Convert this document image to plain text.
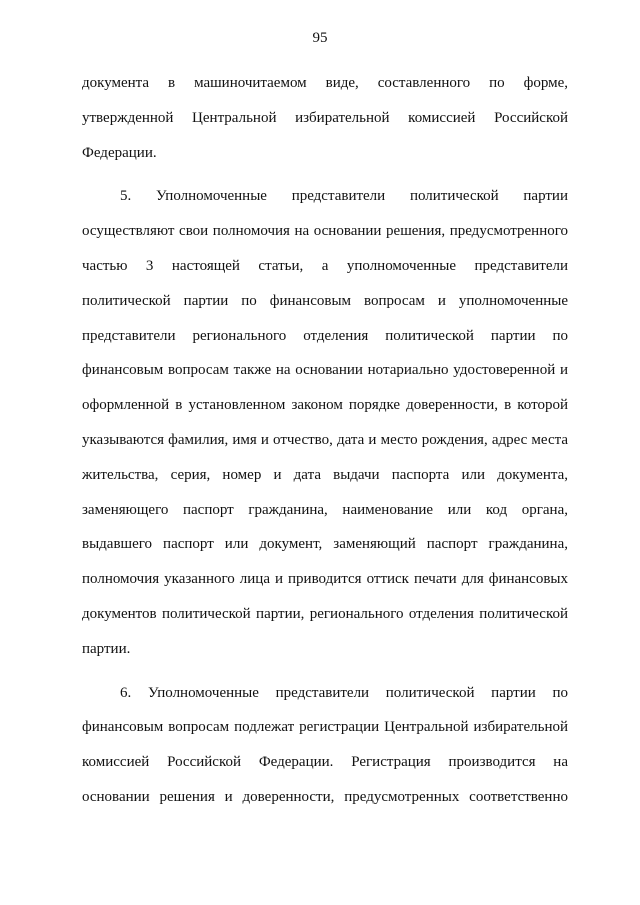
95

документа в машиночитаемом виде, составленного по форме,
утвержденной Центральной избирательной комиссией Российской
Федерации.

5. Уполномоченные представители политической партии
осуществляют свои полномочия на основании решения, предусмотренного
частью 3 настоящей статьи, а уполномоченные представители
политической партии по финансовым вопросам и уполномоченные
представители регионального отделения политической партии по
финансовым вопросам также на основании нотариально удостоверенной и
оформленной в установленном законом порядке доверенности, в которой
указываются фамилия, имя и отчество, дата и место рождения, адрес места
жительства, серия, номер и дата выдачи паспорта или документа,
заменяющего паспорт гражданина, наименование или код органа,
выдавшего паспорт или документ, заменяющий паспорт гражданина,
полномочия указанного лица и приводится оттиск печати для финансовых
документов политической партии, регионального отделения политической
партии.

6. Уполномоченные представители политической партии по
финансовым вопросам подлежат регистрации Центральной избирательной
комиссией Российской Федерации. Регистрация производится на
основании решения и доверенности, предусмотренных соответственно
